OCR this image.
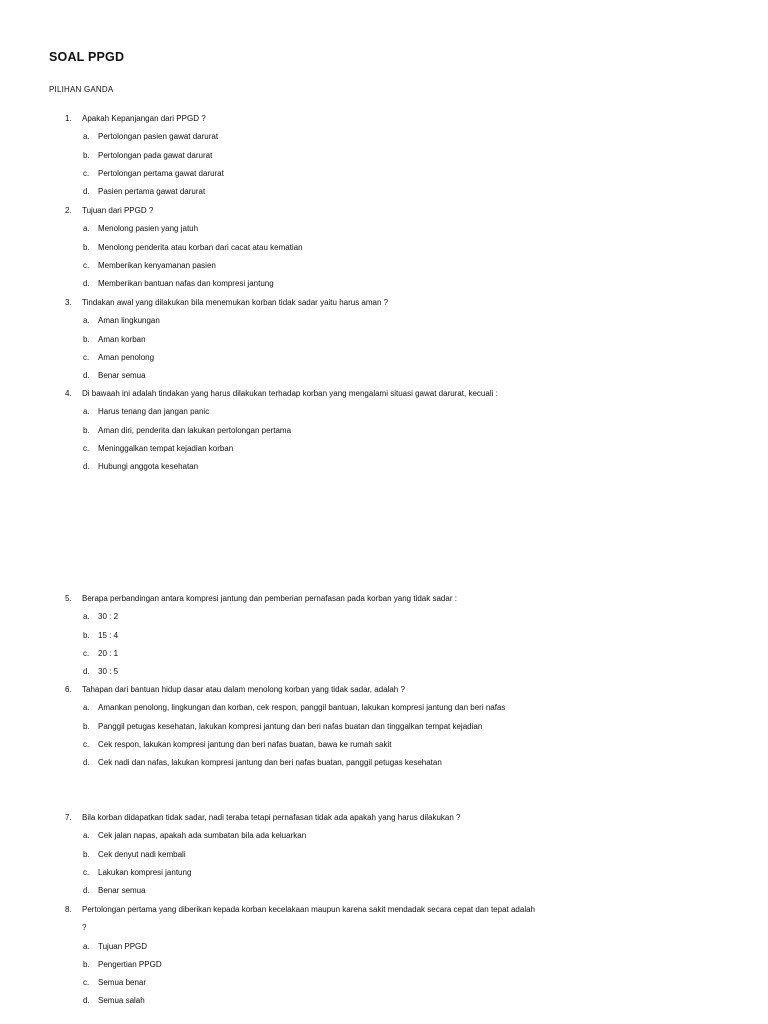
SOAL PPGD
PILIHAN GANDA
1.	Apakah Kepanjangan dari PPGD ?
a.	Pertolongan pasien gawat darurat
b.	Pertolongan pada gawat darurat
c.	Pertolongan pertama gawat darurat
d.	Pasien pertama gawat darurat
2.	Tujuan dari PPGD ?
a.	Menolong pasien yang jatuh
b.	Menolong penderita atau korban dari cacat atau kematian
c.	Memberikan kenyamanan pasien
d.	Memberikan bantuan nafas dan kompresi jantung
3.	Tindakan awal yang dilakukan bila menemukan korban tidak sadar yaitu harus aman ?
a.	Aman lingkungan
b.	Aman korban
c.	Aman penolong
d.	Benar semua
4.	Di bawaah ini adalah tindakan yang harus dilakukan terhadap korban yang mengalami situasi gawat darurat, kecuali :
a.	Harus tenang dan jangan panic
b.	Aman diri, penderita dan lakukan pertolongan pertama
c.	Meninggalkan tempat kejadian korban
d.	Hubungi anggota kesehatan
5.	Berapa perbandingan antara kompresi jantung dan pemberian pernafasan pada korban yang tidak sadar :
a.	30 : 2
b.	15 : 4
c.	20 : 1
d.	30 : 5
6.	Tahapan dari bantuan hidup dasar atau dalam menolong korban yang tidak sadar, adalah ?
a.	Amankan penolong, lingkungan dan korban, cek respon, panggil bantuan, lakukan kompresi jantung dan beri nafas
b.	Panggil petugas kesehatan, lakukan kompresi jantung dan beri nafas buatan dan tinggalkan tempat kejadian
c.	Cek respon, lakukan kompresi jantung dan beri nafas buatan, bawa ke rumah sakit
d.	Cek nadi dan nafas, lakukan kompresi jantung dan beri nafas buatan, panggil petugas kesehatan
7.	Bila korban didapatkan tidak sadar, nadi teraba tetapi pernafasan tidak ada apakah yang harus dilakukan ?
a.	Cek jalan napas, apakah ada sumbatan bila ada keluarkan
b.	Cek denyut nadi kembali
c.	Lakukan kompresi jantung
d.	Benar semua
8.	Pertolongan pertama yang diberikan kepada korban kecelakaan maupun karena sakit mendadak secara cepat dan tepat adalah ?
a.	Tujuan PPGD
b.	Pengertian PPGD
c.	Semua benar
d.	Semua salah
